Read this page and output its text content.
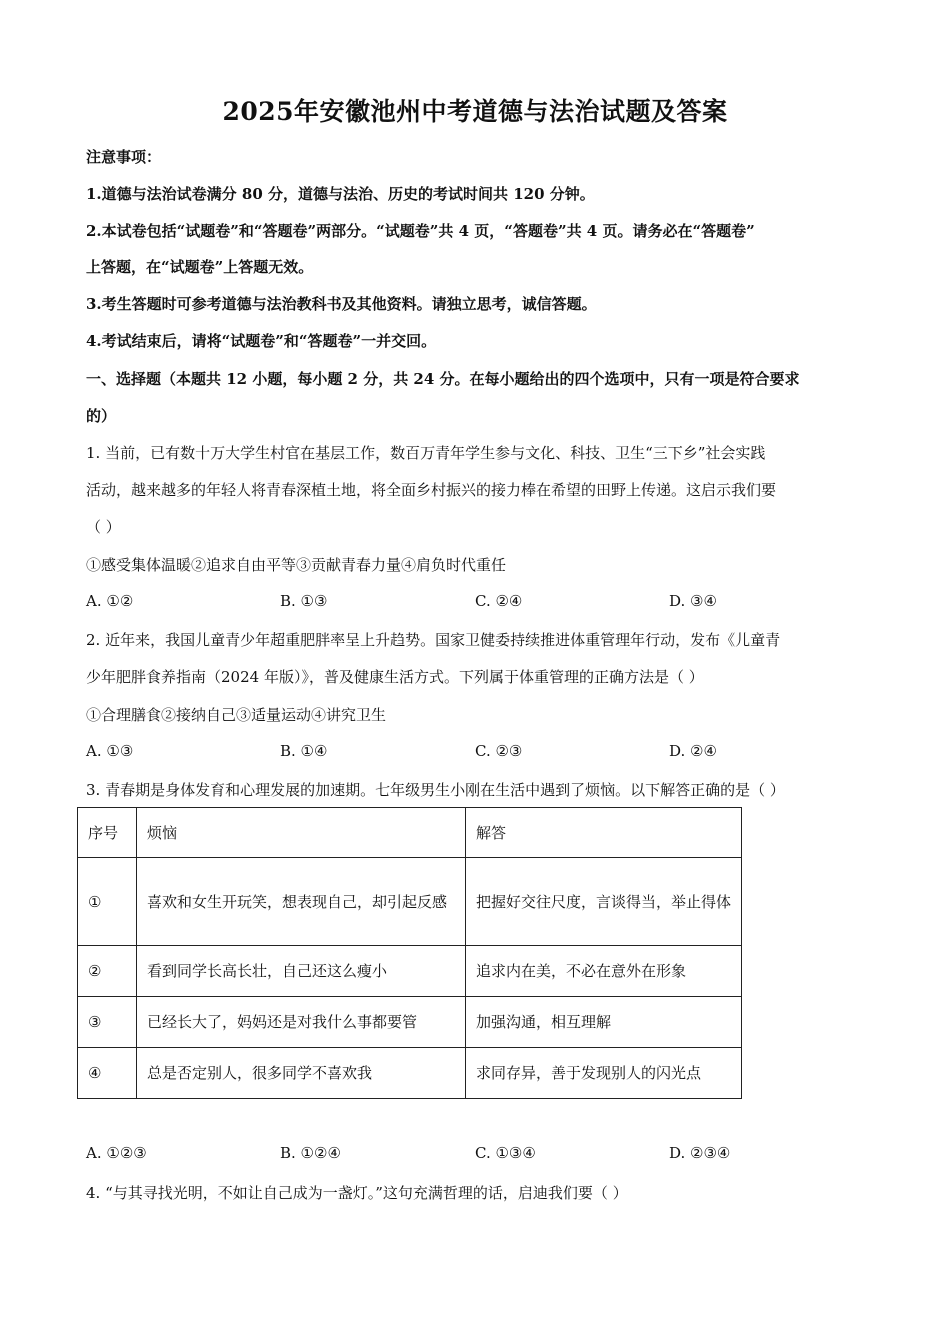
2025年安徽池州中考道德与法治试题及答案
注意事项：
1.道德与法治试卷满分 80 分，道德与法治、历史的考试时间共 120 分钟。
2.本试卷包括“试题卷”和“答题卷”两部分。“试题卷”共 4 页，“答题卷”共 4 页。请务必在“答题卷”
上答题，在“试题卷”上答题无效。
3.考生答题时可参考道德与法治教科书及其他资料。请独立思考，诚信答题。
4.考试结束后，请将“试题卷”和“答题卷”一并交回。
一、选择题（本题共 12 小题，每小题 2 分，共 24 分。在每小题给出的四个选项中，只有一项是符合要求
的）
1. 当前，已有数十万大学生村官在基层工作，数百万青年学生参与文化、科技、卫生“三下乡”社会实践
活动，越来越多的年轻人将青春深植土地，将全面乡村振兴的接力棒在希望的田野上传递。这启示我们要
（ ）
①感受集体温暖②追求自由平等③贡献青春力量④肩负时代重任
A. ①②	B. ①③	C. ②④	D. ③④
2. 近年来，我国儿童青少年超重肥胖率呈上升趋势。国家卫健委持续推进体重管理年行动，发布《儿童青
少年肥胖食养指南（2024 年版）》，普及健康生活方式。下列属于体重管理的正确方法是（ ）
①合理膳食②接纳自己③适量运动④讲究卫生
A. ①③	B. ①④	C. ②③	D. ②④
3. 青春期是身体发育和心理发展的加速期。七年级男生小刚在生活中遇到了烦恼。以下解答正确的是（ ）
序号	烦恼	解答
①	喜欢和女生开玩笑，想表现自己，却引起反感	把握好交往尺度，言谈得当，举止得体
②	看到同学长高长壮，自己还这么瘦小	追求内在美，不必在意外在形象
③	已经长大了，妈妈还是对我什么事都要管	加强沟通，相互理解
④	总是否定别人，很多同学不喜欢我	求同存异，善于发现别人的闪光点
A. ①②③	B. ①②④	C. ①③④	D. ②③④
4. “与其寻找光明，不如让自己成为一盏灯。”这句充满哲理的话，启迪我们要（ ）
